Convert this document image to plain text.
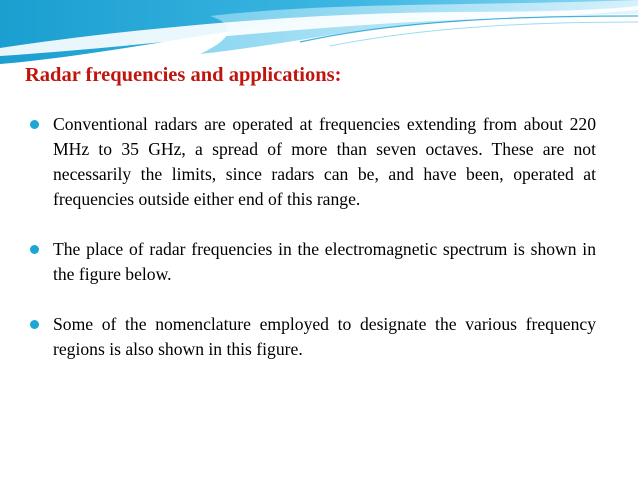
Radar frequencies and applications:
Conventional radars are operated at frequencies extending from about 220 MHz to 35 GHz, a spread of more than seven octaves. These are not necessarily the limits, since radars can be, and have been, operated at frequencies outside either end of this range.
The place of radar frequencies in the electromagnetic spectrum is shown in the figure below.
Some of the nomenclature employed to designate the various frequency regions is also shown in this figure.
